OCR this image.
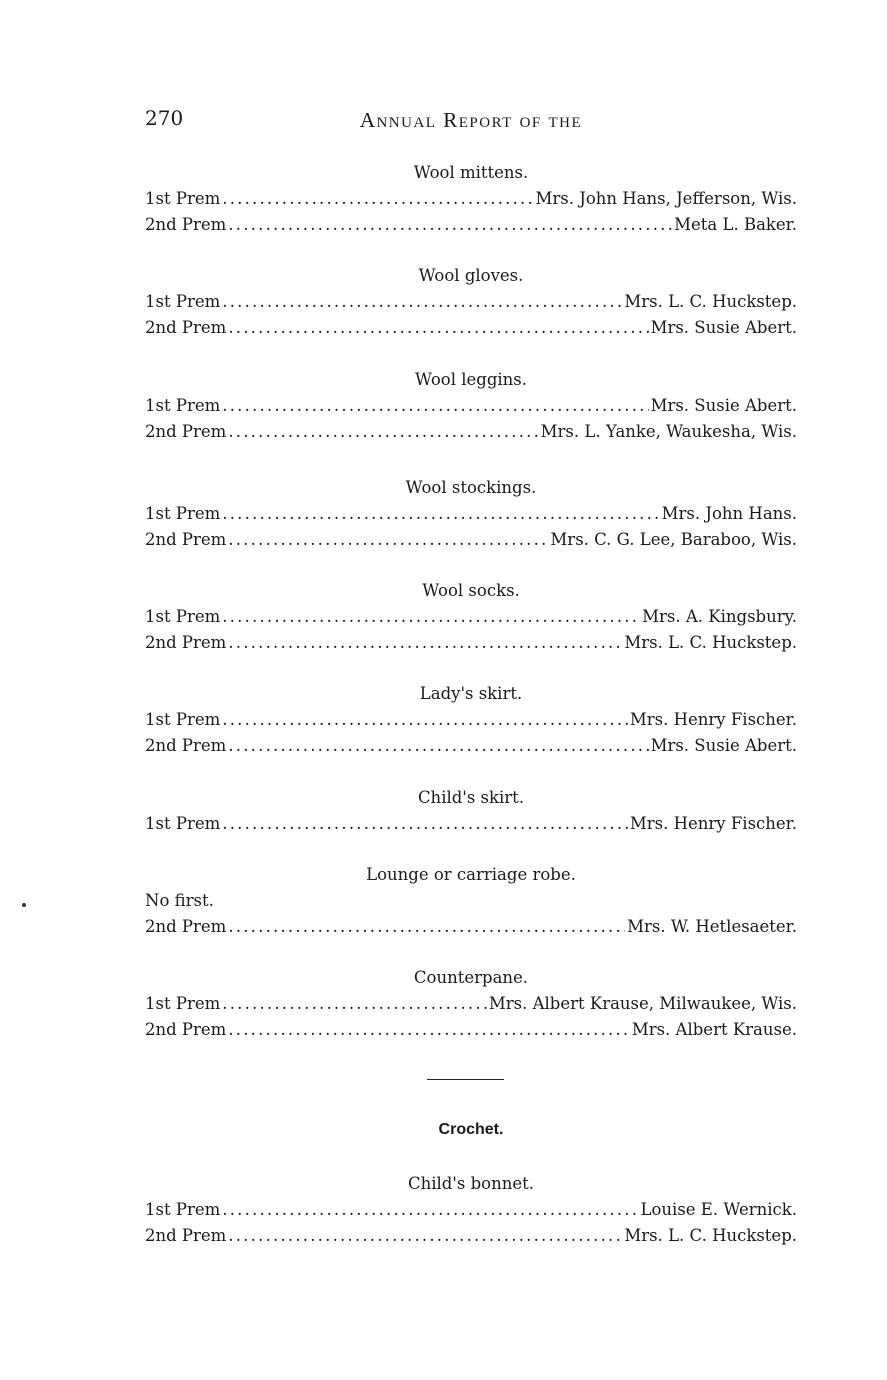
270	Annual Report of the
Wool mittens.
1st Prem .....	Mrs. John Hans, Jefferson, Wis.
2nd Prem .....	Meta L. Baker.
Wool gloves.
1st Prem .....	Mrs. L. C. Huckstep.
2nd Prem .....	Mrs. Susie Abert.
Wool leggins.
1st Prem .....	Mrs. Susie Abert.
2nd Prem .....	Mrs. L. Yanke, Waukesha, Wis.
Wool stockings.
1st Prem .....	Mrs. John Hans.
2nd Prem .....	Mrs. C. G. Lee, Baraboo, Wis.
Wool socks.
1st Prem .....	Mrs. A. Kingsbury.
2nd Prem .....	Mrs. L. C. Huckstep.
Lady's skirt.
1st Prem .....	Mrs. Henry Fischer.
2nd Prem .....	Mrs. Susie Abert.
Child's skirt.
1st Prem .....	Mrs. Henry Fischer.
Lounge or carriage robe.
No first.
2nd Prem .....	Mrs. W. Hetlesaeter.
Counterpane.
1st Prem .....	Mrs. Albert Krause, Milwaukee, Wis.
2nd Prem .....	Mrs. Albert Krause.
Crochet.
Child's bonnet.
1st Prem .....	Louise E. Wernick.
2nd Prem .....	Mrs. L. C. Huckstep.
